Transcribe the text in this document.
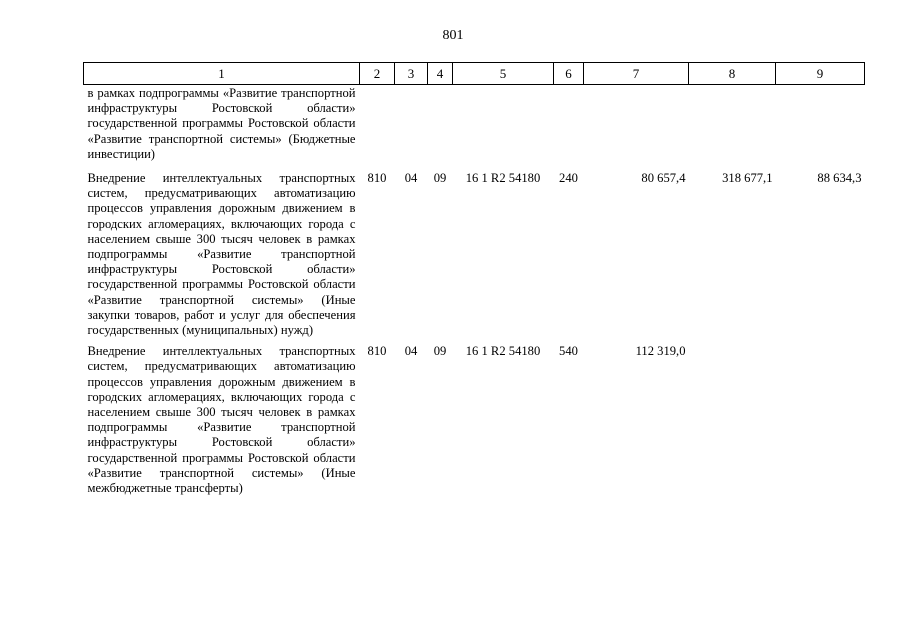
801
1	2	3	4	5	6	7	8	9
в рамках подпрограммы «Развитие транспортной инфраструктуры Ростовской области» государственной программы Ростовской области «Развитие транспортной системы» (Бюджетные инвестиции)								
Внедрение интеллектуальных транспортных систем, предусматривающих автоматизацию процессов управления дорожным движением в городских агломерациях, включающих города с населением свыше 300 тысяч человек в рамках подпрограммы «Развитие транспортной инфраструктуры Ростовской области» государственной программы Ростовской области «Развитие транспортной системы» (Иные закупки товаров, работ и услуг для обеспечения государственных (муниципальных) нужд)	810	04	09	16 1 R2 54180	240	80 657,4	318 677,1	88 634,3
Внедрение интеллектуальных транспортных систем, предусматривающих автоматизацию процессов управления дорожным движением в городских агломерациях, включающих города с населением свыше 300 тысяч человек в рамках подпрограммы «Развитие транспортной инфраструктуры Ростовской области» государственной программы Ростовской области «Развитие транспортной системы» (Иные межбюджетные трансферты)	810	04	09	16 1 R2 54180	540	112 319,0		
